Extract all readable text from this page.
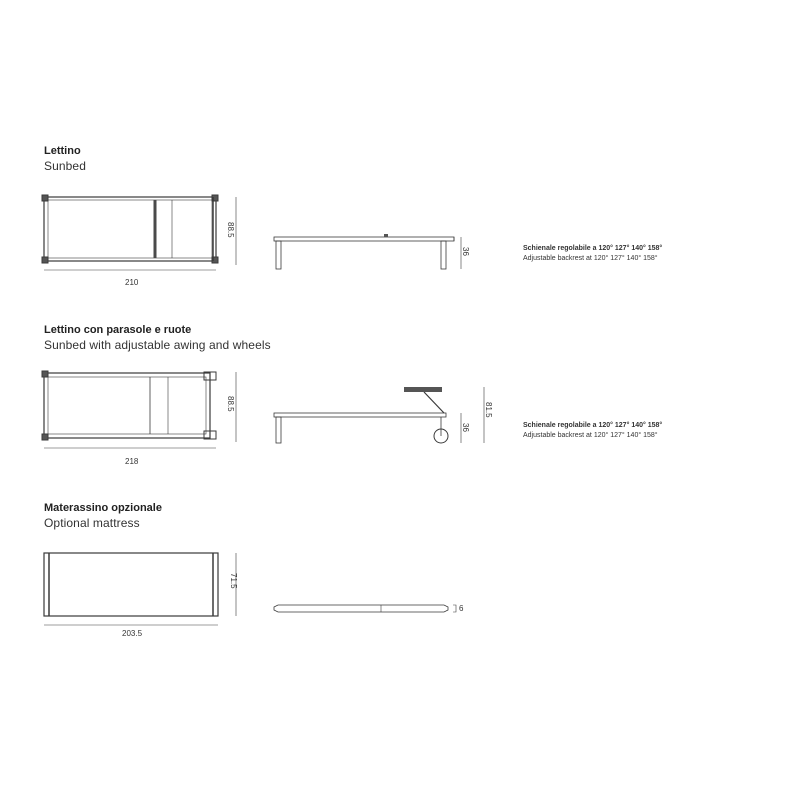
Lettino
Sunbed
210
88.5
36	Schienale regolabile a 120° 127° 140° 158°
Adjustable backrest at 120° 127° 140° 158°
Lettino con parasole e ruote
Sunbed with adjustable awing and wheels
218
88.5
36
81.5
Schienale regolabile a 120° 127° 140° 158°
Adjustable backrest at 120° 127° 140° 158°
Materassino opzionale
Optional mattress
203.5
71.5
6
